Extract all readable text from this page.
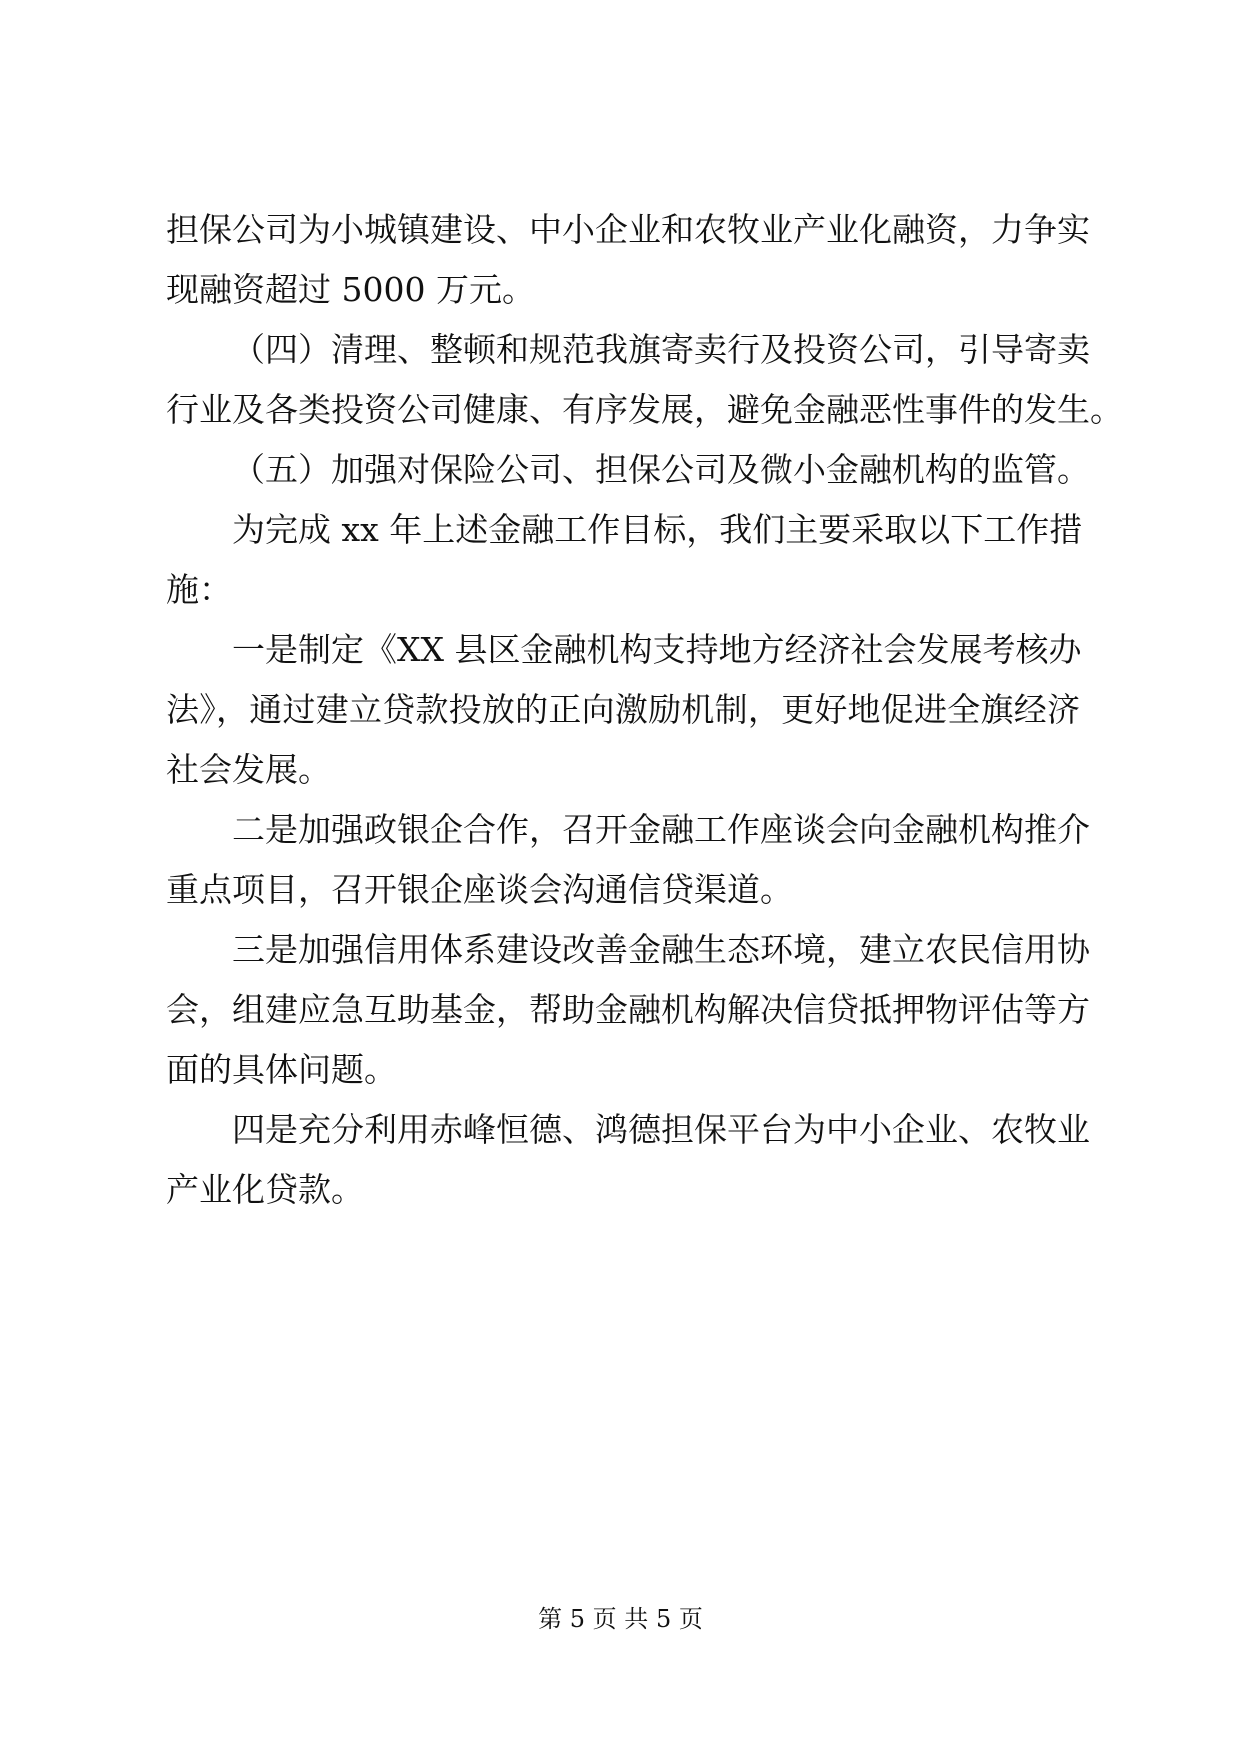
担保公司为小城镇建设、中小企业和农牧业产业化融资，力争实
现融资超过 5000 万元。
（四）清理、整顿和规范我旗寄卖行及投资公司，引导寄卖
行业及各类投资公司健康、有序发展，避免金融恶性事件的发生。
（五）加强对保险公司、担保公司及微小金融机构的监管。
为完成 xx 年上述金融工作目标，我们主要采取以下工作措
施：
一是制定《XX 县区金融机构支持地方经济社会发展考核办
法》，通过建立贷款投放的正向激励机制，更好地促进全旗经济
社会发展。
二是加强政银企合作，召开金融工作座谈会向金融机构推介
重点项目，召开银企座谈会沟通信贷渠道。
三是加强信用体系建设改善金融生态环境，建立农民信用协
会，组建应急互助基金，帮助金融机构解决信贷抵押物评估等方
面的具体问题。
四是充分利用赤峰恒德、鸿德担保平台为中小企业、农牧业
产业化贷款。
第 5 页 共 5 页
